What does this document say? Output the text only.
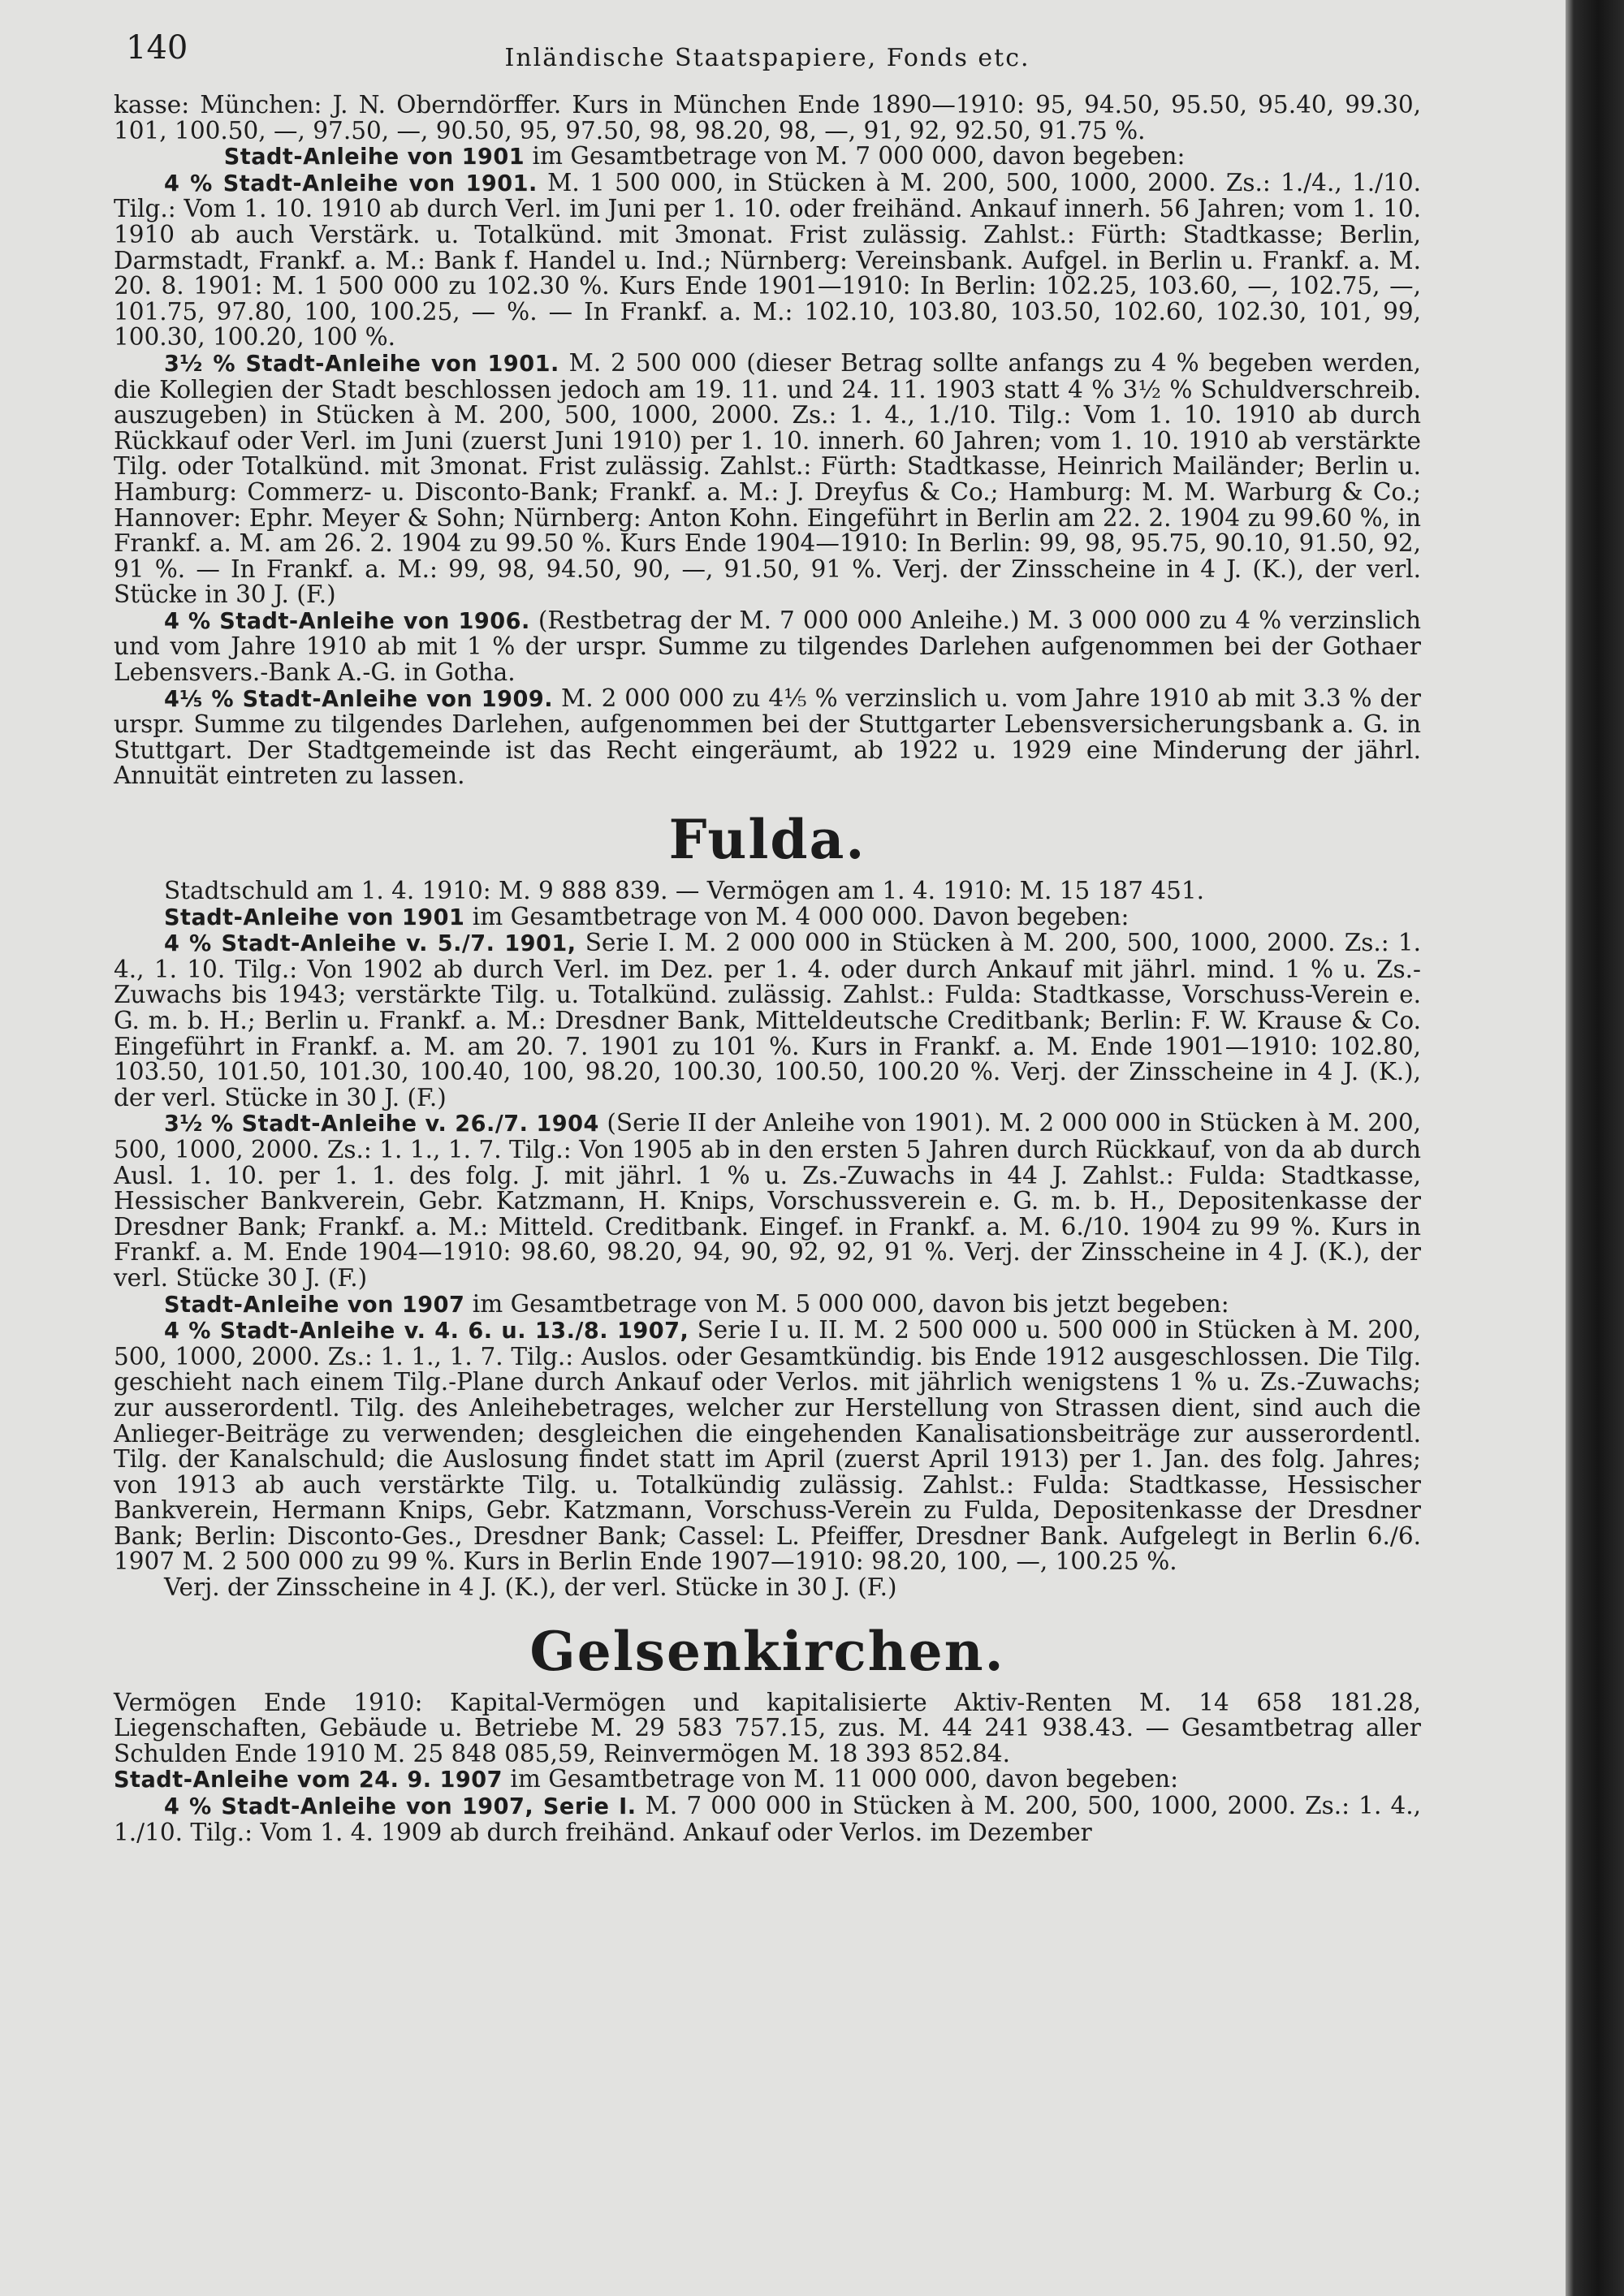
140	Inländische Staatspapiere, Fonds etc.

kasse: München: J. N. Oberndörffer. Kurs in München Ende 1890—1910: 95, 94.50, 95.50, 95.40, 99.30, 101, 100.50, —, 97.50, —, 90.50, 95, 97.50, 98, 98.20, 98, —, 91, 92, 92.50, 91.75 %.

Stadt-Anleihe von 1901 im Gesamtbetrage von M. 7 000 000, davon begeben:

4 % Stadt-Anleihe von 1901. M. 1 500 000, in Stücken à M. 200, 500, 1000, 2000. Zs.: 1./4., 1./10. Tilg.: Vom 1. 10. 1910 ab durch Verl. im Juni per 1. 10. oder freihänd. Ankauf innerh. 56 Jahren; vom 1. 10. 1910 ab auch Verstärk. u. Totalkünd. mit 3monat. Frist zulässig. Zahlst.: Fürth: Stadtkasse; Berlin, Darmstadt, Frankf. a. M.: Bank f. Handel u. Ind.; Nürnberg: Vereinsbank. Aufgel. in Berlin u. Frankf. a. M. 20. 8. 1901: M. 1 500 000 zu 102.30 %. Kurs Ende 1901—1910: In Berlin: 102.25, 103.60, —, 102.75, —, 101.75, 97.80, 100, 100.25, — %. — In Frankf. a. M.: 102.10, 103.80, 103.50, 102.60, 102.30, 101, 99, 100.30, 100.20, 100 %.

3½ % Stadt-Anleihe von 1901. M. 2 500 000 (dieser Betrag sollte anfangs zu 4 % begeben werden, die Kollegien der Stadt beschlossen jedoch am 19. 11. und 24. 11. 1903 statt 4 % 3½ % Schuldverschreib. auszugeben) in Stücken à M. 200, 500, 1000, 2000. Zs.: 1. 4., 1./10. Tilg.: Vom 1. 10. 1910 ab durch Rückkauf oder Verl. im Juni (zuerst Juni 1910) per 1. 10. innerh. 60 Jahren; vom 1. 10. 1910 ab verstärkte Tilg. oder Totalkünd. mit 3monat. Frist zulässig. Zahlst.: Fürth: Stadtkasse, Heinrich Mailänder; Berlin u. Hamburg: Commerz- u. Disconto-Bank; Frankf. a. M.: J. Dreyfus & Co.; Hamburg: M. M. Warburg & Co.; Hannover: Ephr. Meyer & Sohn; Nürnberg: Anton Kohn. Eingeführt in Berlin am 22. 2. 1904 zu 99.60 %, in Frankf. a. M. am 26. 2. 1904 zu 99.50 %. Kurs Ende 1904—1910: In Berlin: 99, 98, 95.75, 90.10, 91.50, 92, 91 %. — In Frankf. a. M.: 99, 98, 94.50, 90, —, 91.50, 91 %. Verj. der Zinsscheine in 4 J. (K.), der verl. Stücke in 30 J. (F.)

4 % Stadt-Anleihe von 1906. (Restbetrag der M. 7 000 000 Anleihe.) M. 3 000 000 zu 4 % verzinslich und vom Jahre 1910 ab mit 1 % der urspr. Summe zu tilgendes Darlehen aufgenommen bei der Gothaer Lebensvers.-Bank A.-G. in Gotha.

4⅕ % Stadt-Anleihe von 1909. M. 2 000 000 zu 4⅕ % verzinslich u. vom Jahre 1910 ab mit 3.3 % der urspr. Summe zu tilgendes Darlehen, aufgenommen bei der Stuttgarter Lebensversicherungsbank a. G. in Stuttgart. Der Stadtgemeinde ist das Recht eingeräumt, ab 1922 u. 1929 eine Minderung der jährl. Annuität eintreten zu lassen.

Fulda.

Stadtschuld am 1. 4. 1910: M. 9 888 839. — Vermögen am 1. 4. 1910: M. 15 187 451.

Stadt-Anleihe von 1901 im Gesamtbetrage von M. 4 000 000. Davon begeben:

4 % Stadt-Anleihe v. 5./7. 1901, Serie I. M. 2 000 000 in Stücken à M. 200, 500, 1000, 2000. Zs.: 1. 4., 1. 10. Tilg.: Von 1902 ab durch Verl. im Dez. per 1. 4. oder durch Ankauf mit jährl. mind. 1 % u. Zs.-Zuwachs bis 1943; verstärkte Tilg. u. Totalkünd. zulässig. Zahlst.: Fulda: Stadtkasse, Vorschuss-Verein e. G. m. b. H.; Berlin u. Frankf. a. M.: Dresdner Bank, Mitteldeutsche Creditbank; Berlin: F. W. Krause & Co. Eingeführt in Frankf. a. M. am 20. 7. 1901 zu 101 %. Kurs in Frankf. a. M. Ende 1901—1910: 102.80, 103.50, 101.50, 101.30, 100.40, 100, 98.20, 100.30, 100.50, 100.20 %. Verj. der Zinsscheine in 4 J. (K.), der verl. Stücke in 30 J. (F.)

3½ % Stadt-Anleihe v. 26./7. 1904 (Serie II der Anleihe von 1901). M. 2 000 000 in Stücken à M. 200, 500, 1000, 2000. Zs.: 1. 1., 1. 7. Tilg.: Von 1905 ab in den ersten 5 Jahren durch Rückkauf, von da ab durch Ausl. 1. 10. per 1. 1. des folg. J. mit jährl. 1 % u. Zs.-Zuwachs in 44 J. Zahlst.: Fulda: Stadtkasse, Hessischer Bankverein, Gebr. Katzmann, H. Knips, Vorschussverein e. G. m. b. H., Depositenkasse der Dresdner Bank; Frankf. a. M.: Mitteld. Creditbank. Eingef. in Frankf. a. M. 6./10. 1904 zu 99 %. Kurs in Frankf. a. M. Ende 1904—1910: 98.60, 98.20, 94, 90, 92, 92, 91 %. Verj. der Zinsscheine in 4 J. (K.), der verl. Stücke 30 J. (F.)

Stadt-Anleihe von 1907 im Gesamtbetrage von M. 5 000 000, davon bis jetzt begeben:

4 % Stadt-Anleihe v. 4. 6. u. 13./8. 1907, Serie I u. II. M. 2 500 000 u. 500 000 in Stücken à M. 200, 500, 1000, 2000. Zs.: 1. 1., 1. 7. Tilg.: Auslos. oder Gesamtkündig. bis Ende 1912 ausgeschlossen. Die Tilg. geschieht nach einem Tilg.-Plane durch Ankauf oder Verlos. mit jährlich wenigstens 1 % u. Zs.-Zuwachs; zur ausserordentl. Tilg. des Anleihebetrages, welcher zur Herstellung von Strassen dient, sind auch die Anlieger-Beiträge zu verwenden; desgleichen die eingehenden Kanalisationsbeiträge zur ausserordentl. Tilg. der Kanalschuld; die Auslosung findet statt im April (zuerst April 1913) per 1. Jan. des folg. Jahres; von 1913 ab auch verstärkte Tilg. u. Totalkündig zulässig. Zahlst.: Fulda: Stadtkasse, Hessischer Bankverein, Hermann Knips, Gebr. Katzmann, Vorschuss-Verein zu Fulda, Depositenkasse der Dresdner Bank; Berlin: Disconto-Ges., Dresdner Bank; Cassel: L. Pfeiffer, Dresdner Bank. Aufgelegt in Berlin 6./6. 1907 M. 2 500 000 zu 99 %. Kurs in Berlin Ende 1907—1910: 98.20, 100, —, 100.25 %.

Verj. der Zinsscheine in 4 J. (K.), der verl. Stücke in 30 J. (F.)

Gelsenkirchen.

Vermögen Ende 1910: Kapital-Vermögen und kapitalisierte Aktiv-Renten M. 14 658 181.28, Liegenschaften, Gebäude u. Betriebe M. 29 583 757.15, zus. M. 44 241 938.43. — Gesamtbetrag aller Schulden Ende 1910 M. 25 848 085,59, Reinvermögen M. 18 393 852.84.

Stadt-Anleihe vom 24. 9. 1907 im Gesamtbetrage von M. 11 000 000, davon begeben:

4 % Stadt-Anleihe von 1907, Serie I. M. 7 000 000 in Stücken à M. 200, 500, 1000, 2000. Zs.: 1. 4., 1./10. Tilg.: Vom 1. 4. 1909 ab durch freihänd. Ankauf oder Verlos. im Dezember
